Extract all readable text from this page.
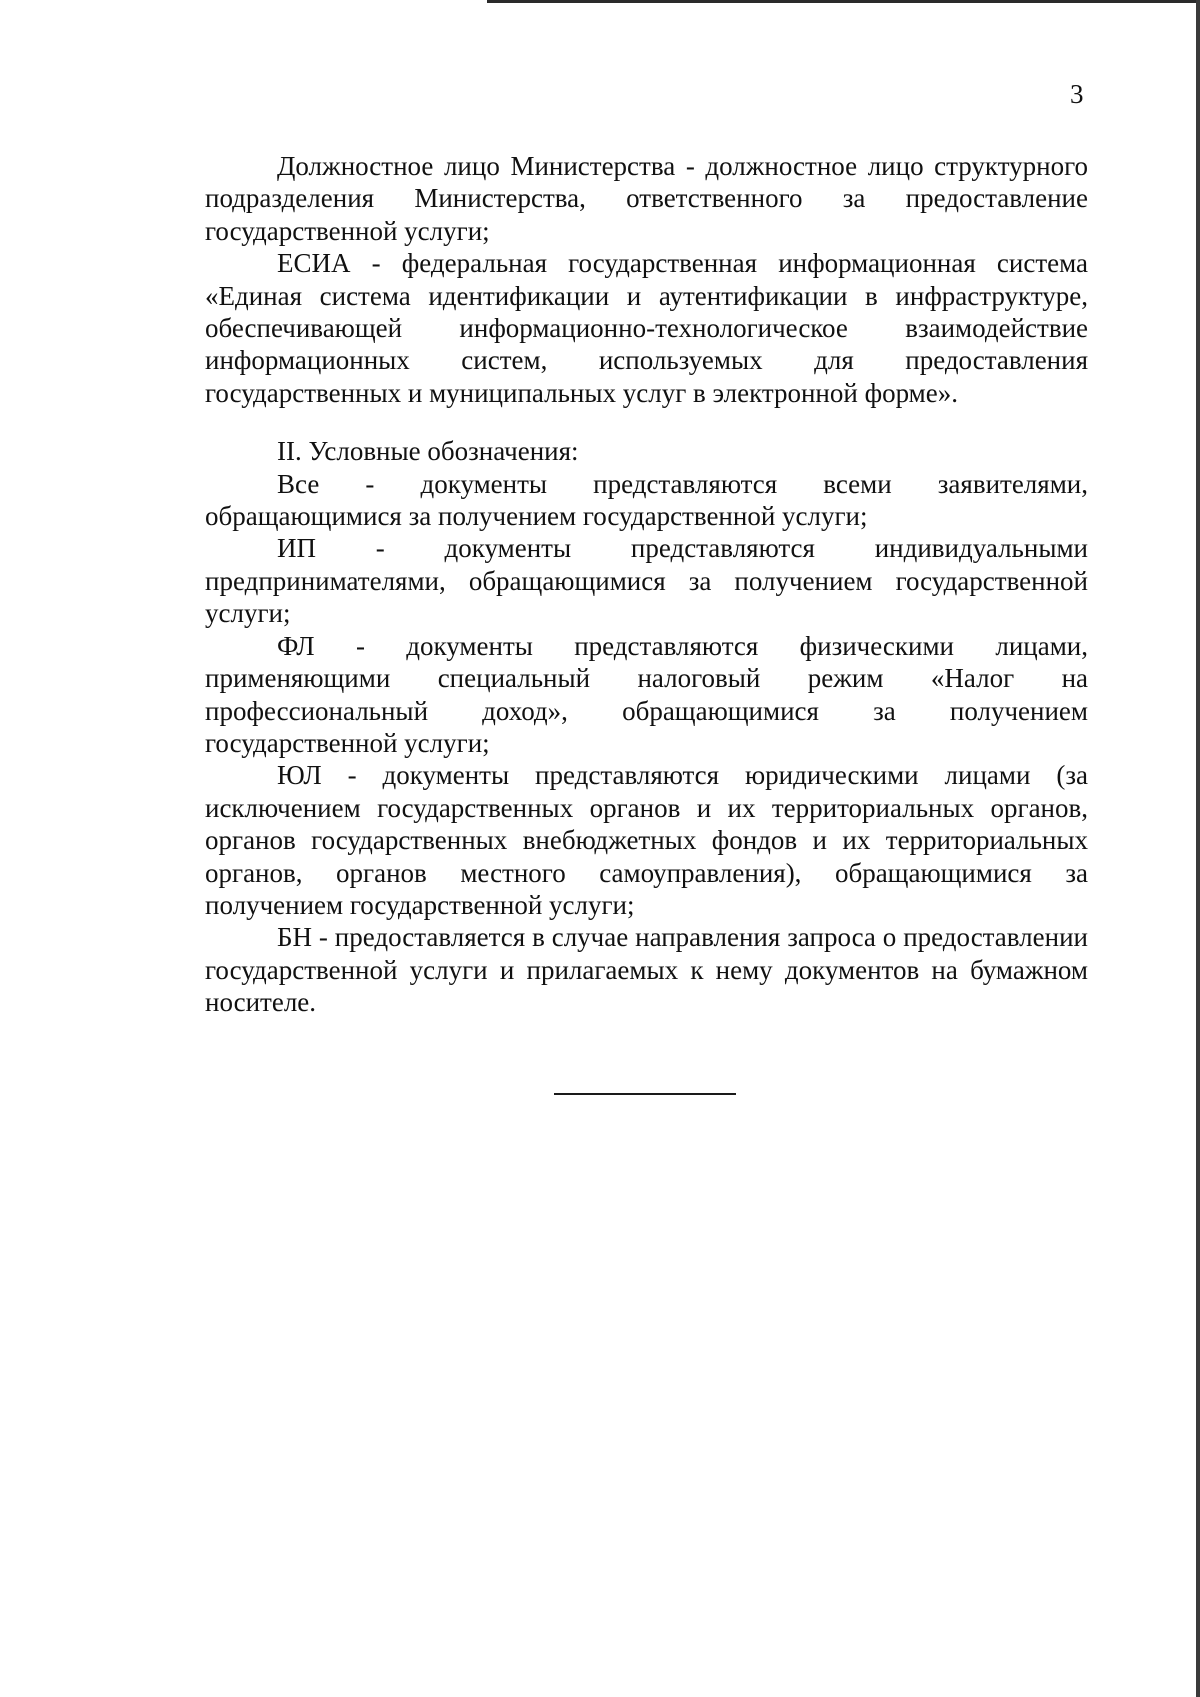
3

Должностное лицо Министерства - должностное лицо структурного подразделения Министерства, ответственного за предоставление государственной услуги;

ЕСИА - федеральная государственная информационная система «Единая система идентификации и аутентификации в инфраструктуре, обеспечивающей информационно-технологическое взаимодействие информационных систем, используемых для предоставления государственных и муниципальных услуг в электронной форме».

II. Условные обозначения:

Все - документы представляются всеми заявителями, обращающимися за получением государственной услуги;

ИП - документы представляются индивидуальными предпринимателями, обращающимися за получением государственной услуги;

ФЛ - документы представляются физическими лицами, применяющими специальный налоговый режим «Налог на профессиональный доход», обращающимися за получением государственной услуги;

ЮЛ - документы представляются юридическими лицами (за исключением государственных органов и их территориальных органов, органов государственных внебюджетных фондов и их территориальных органов, органов местного самоуправления), обращающимися за получением государственной услуги;

БН - предоставляется в случае направления запроса о предоставлении государственной услуги и прилагаемых к нему документов на бумажном носителе.
